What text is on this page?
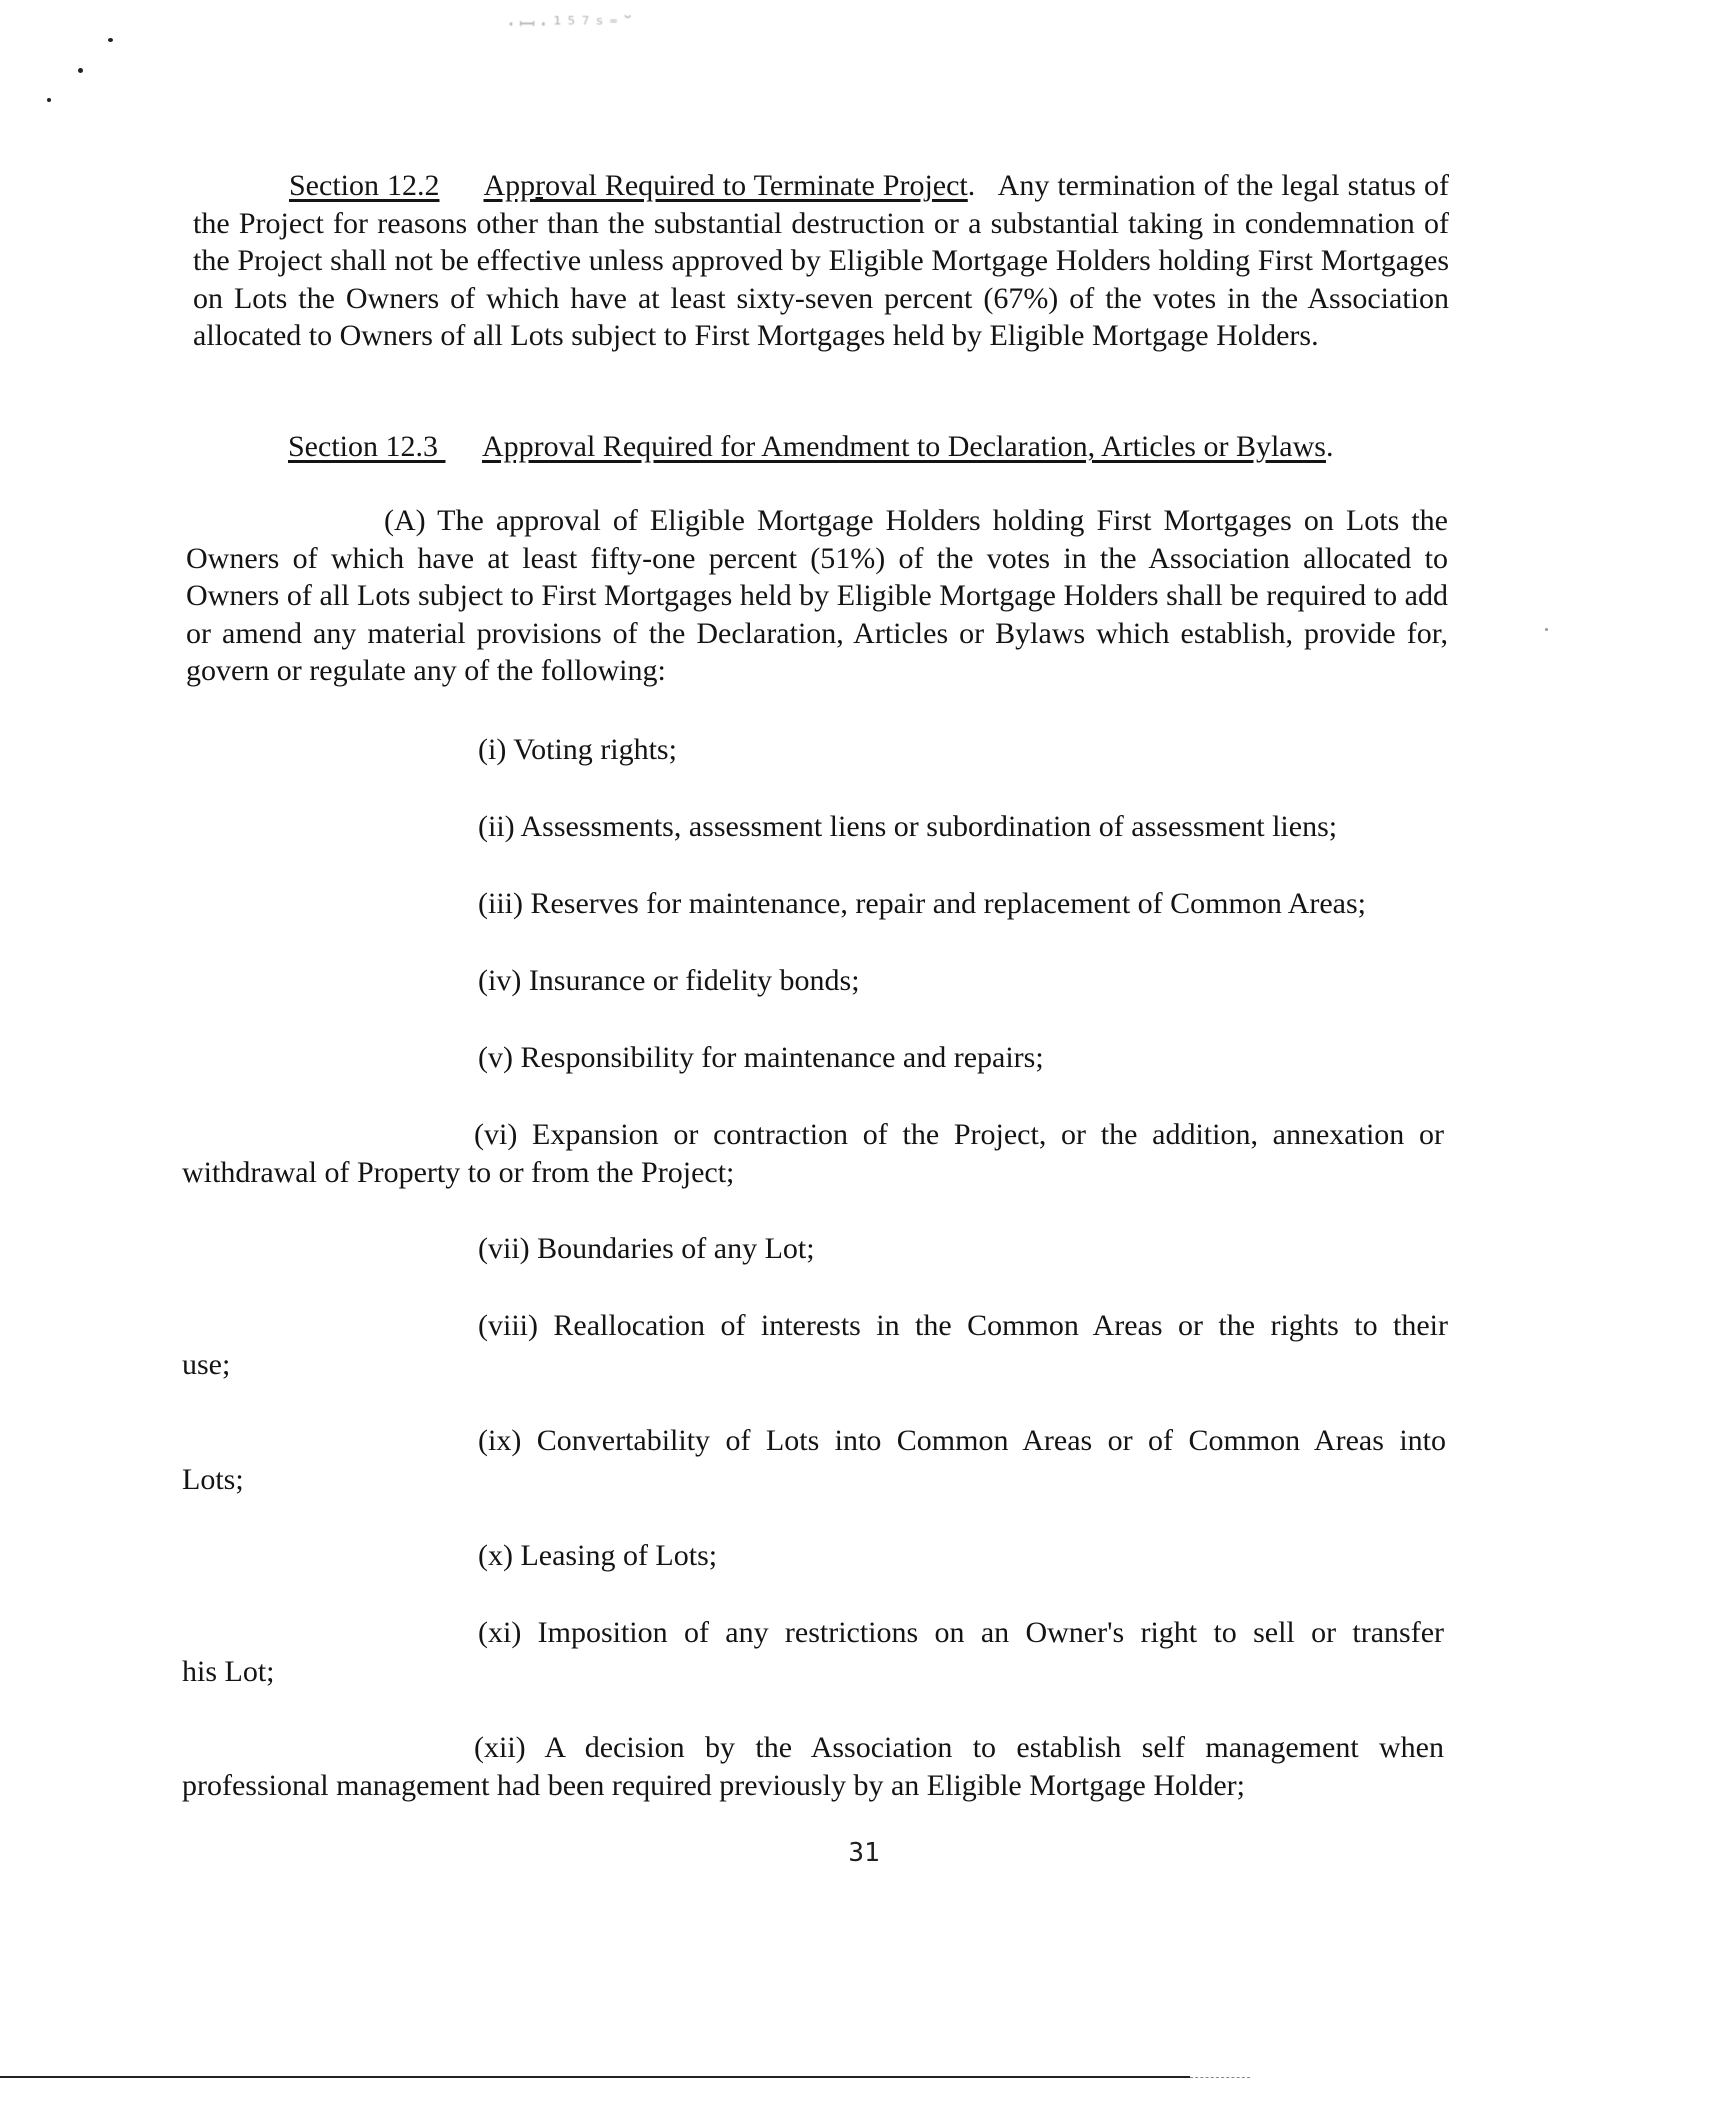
·ꟷ·¹⁵⁷ˢ⁼˘
Section 12.2 Approval Required to Terminate Project.   Any termination of the legal status of the Project for reasons other than the substantial destruction or a substantial taking in condemnation of the Project shall not be effective unless approved by Eligible Mortgage Holders holding First Mortgages on Lots the Owners of which have at least sixty-seven percent (67%) of the votes in the Association allocated to Owners of all Lots subject to First Mortgages held by Eligible Mortgage Holders.
Section 12.3 Approval Required for Amendment to Declaration, Articles or Bylaws.
(A) The approval of Eligible Mortgage Holders holding First Mortgages on Lots the Owners of which have at least fifty-one percent (51%) of the votes in the Association allocated to Owners of all Lots subject to First Mortgages held by Eligible Mortgage Holders shall be required to add or amend any material provisions of the Declaration, Articles or Bylaws which establish, provide for, govern or regulate any of the following:
(i) Voting rights;
(ii) Assessments, assessment liens or subordination of assessment liens;
(iii) Reserves for maintenance, repair and replacement of Common Areas;
(iv) Insurance or fidelity bonds;
(v) Responsibility for maintenance and repairs;
(vi) Expansion or contraction of the Project, or the addition, annexation or withdrawal of Property to or from the Project;
(vii) Boundaries of any Lot;
(viii) Reallocation of interests in the Common Areas or the rights to their
use;
(ix) Convertability of Lots into Common Areas or of Common Areas into
Lots;
(x) Leasing of Lots;
(xi) Imposition of any restrictions on an Owner's right to sell or transfer
his Lot;
(xii) A decision by the Association to establish self management when professional management had been required previously by an Eligible Mortgage Holder;
31
